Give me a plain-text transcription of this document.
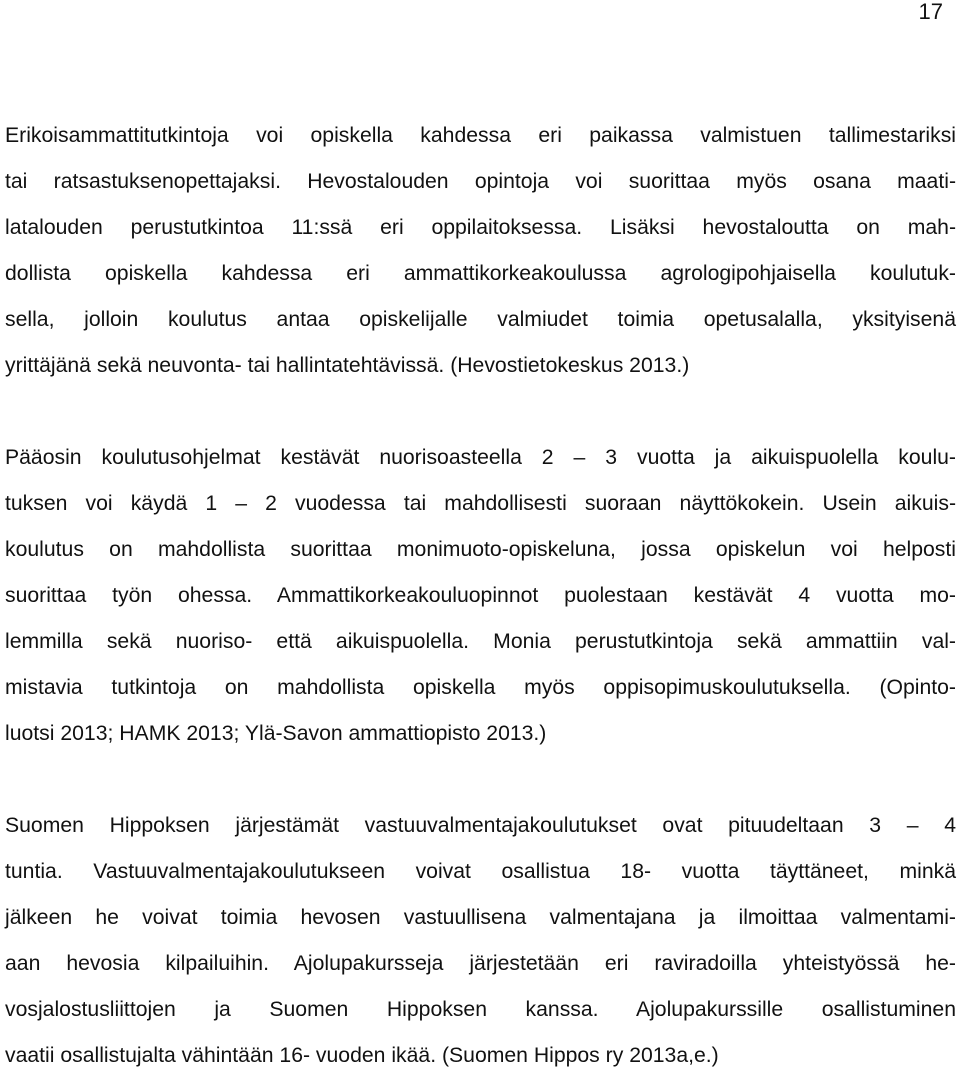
17

Erikoisammattitutkintoja voi opiskella kahdessa eri paikassa valmistuen tallimestariksi
tai ratsastuksenopettajaksi. Hevostalouden opintoja voi suorittaa myös osana maati-
latalouden perustutkintoa 11:ssä eri oppilaitoksessa. Lisäksi hevostaloutta on mah-
dollista opiskella kahdessa eri ammattikorkeakoulussa agrologipohjaisella koulutuk-
sella, jolloin koulutus antaa opiskelijalle valmiudet toimia opetusalalla, yksityisenä
yrittäjänä sekä neuvonta- tai hallintatehtävissä. (Hevostietokeskus 2013.)

Pääosin koulutusohjelmat kestävät nuorisoasteella 2 – 3 vuotta ja aikuispuolella koulu-
tuksen voi käydä 1 – 2 vuodessa tai mahdollisesti suoraan näyttökokein. Usein aikuis-
koulutus on mahdollista suorittaa monimuoto-opiskeluna, jossa opiskelun voi helposti
suorittaa työn ohessa. Ammattikorkeakouluopinnot puolestaan kestävät 4 vuotta mo-
lemmilla sekä nuoriso- että aikuispuolella. Monia perustutkintoja sekä ammattiin val-
mistavia tutkintoja on mahdollista opiskella myös oppisopimuskoulutuksella. (Opinto-
luotsi 2013; HAMK 2013; Ylä-Savon ammattiopisto 2013.)

Suomen Hippoksen järjestämät vastuuvalmentajakoulutukset ovat pituudeltaan 3 – 4
tuntia. Vastuuvalmentajakoulutukseen voivat osallistua 18- vuotta täyttäneet, minkä
jälkeen he voivat toimia hevosen vastuullisena valmentajana ja ilmoittaa valmentami-
aan hevosia kilpailuihin. Ajolupakursseja järjestetään eri raviradoilla yhteistyössä he-
vosjalostusliittojen ja Suomen Hippoksen kanssa. Ajolupakurssille osallistuminen
vaatii osallistujalta vähintään 16- vuoden ikää. (Suomen Hippos ry 2013a,e.)
